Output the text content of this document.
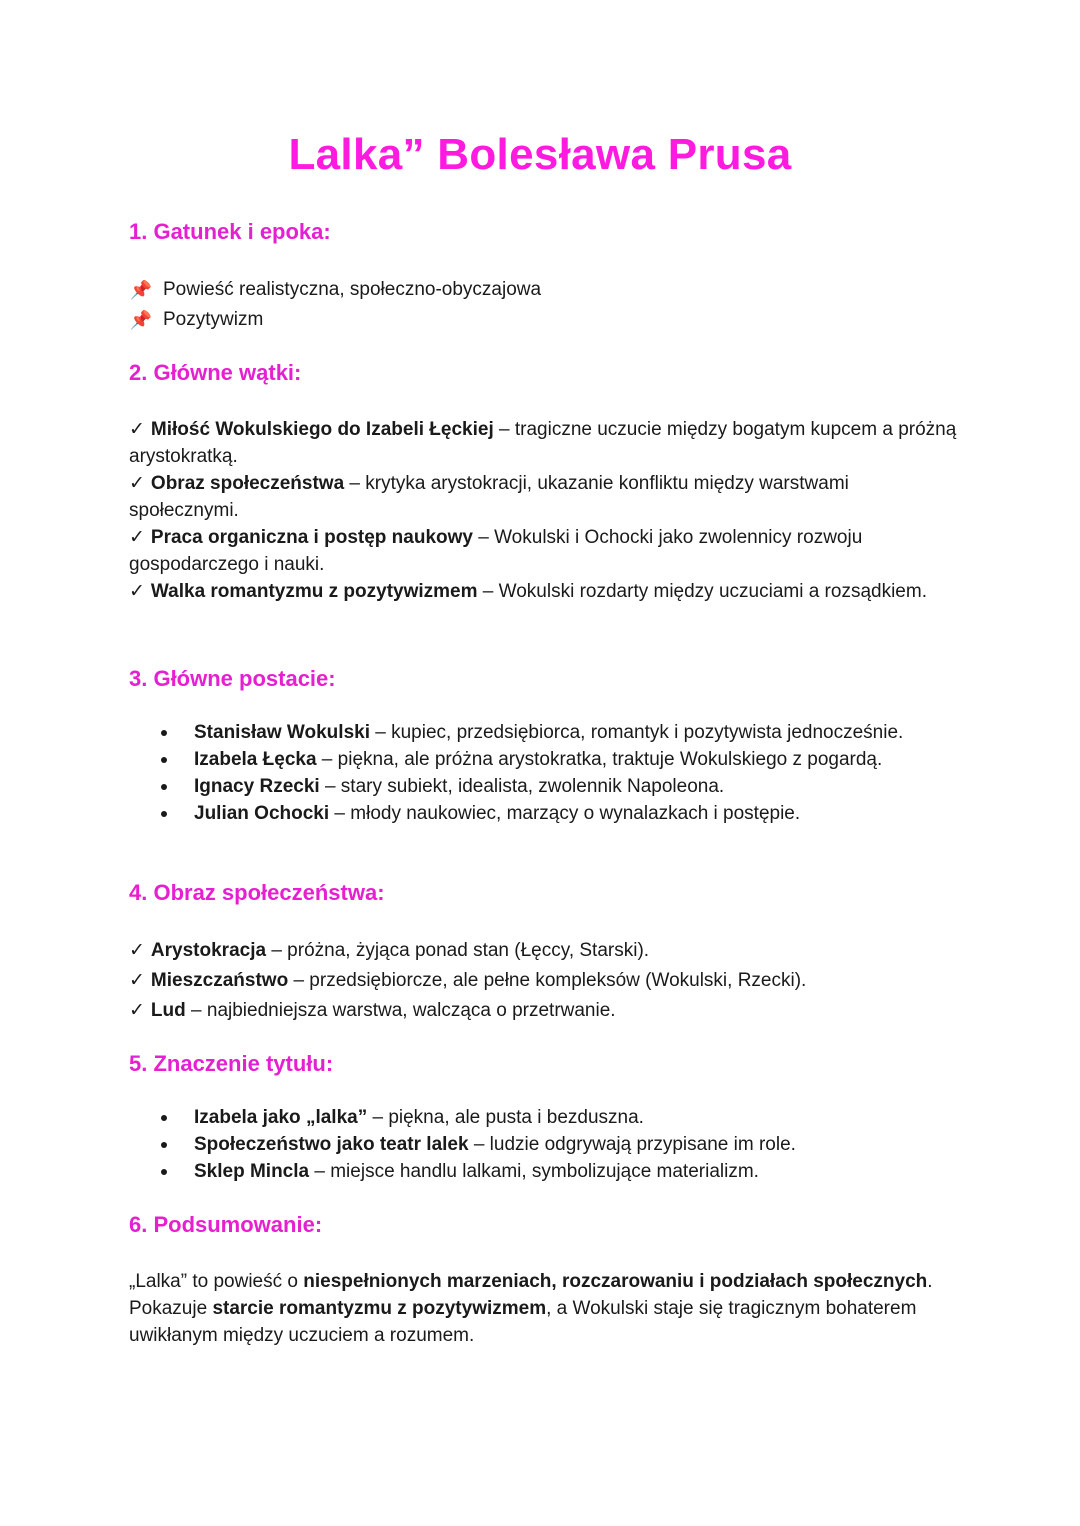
Lalka” Bolesława Prusa
1. Gatunek i epoka:
📌 Powieść realistyczna, społeczno-obyczajowa
📌 Pozytywizm
2. Główne wątki:

✓ Miłość Wokulskiego do Izabeli Łęckiej – tragiczne uczucie między bogatym kupcem a próżną arystokratką.

✓ Obraz społeczeństwa – krytyka arystokracji, ukazanie konfliktu między warstwami społecznymi.

✓ Praca organiczna i postęp naukowy – Wokulski i Ochocki jako zwolennicy rozwoju gospodarczego i nauki.

✓ Walka romantyzmu z pozytywizmem – Wokulski rozdarty między uczuciami a rozsądkiem.

3. Główne postacie:
Stanisław Wokulski – kupiec, przedsiębiorca, romantyk i pozytywista jednocześnie.
Izabela Łęcka – piękna, ale próżna arystokratka, traktuje Wokulskiego z pogardą.
Ignacy Rzecki – stary subiekt, idealista, zwolennik Napoleona.
Julian Ochocki – młody naukowiec, marzący o wynalazkach i postępie.
4. Obraz społeczeństwa:

✓ Arystokracja – próżna, żyjąca ponad stan (Łęccy, Starski).

✓ Mieszczaństwo – przedsiębiorcze, ale pełne kompleksów (Wokulski, Rzecki).

✓ Lud – najbiedniejsza warstwa, walcząca o przetrwanie.

5. Znaczenie tytułu:
Izabela jako „lalka” – piękna, ale pusta i bezduszna.
Społeczeństwo jako teatr lalek – ludzie odgrywają przypisane im role.
Sklep Mincla – miejsce handlu lalkami, symbolizujące materializm.
6. Podsumowanie:

„Lalka” to powieść o niespełnionych marzeniach, rozczarowaniu i podziałach społecznych. Pokazuje starcie romantyzmu z pozytywizmem, a Wokulski staje się tragicznym bohaterem uwikłanym między uczuciem a rozumem.
